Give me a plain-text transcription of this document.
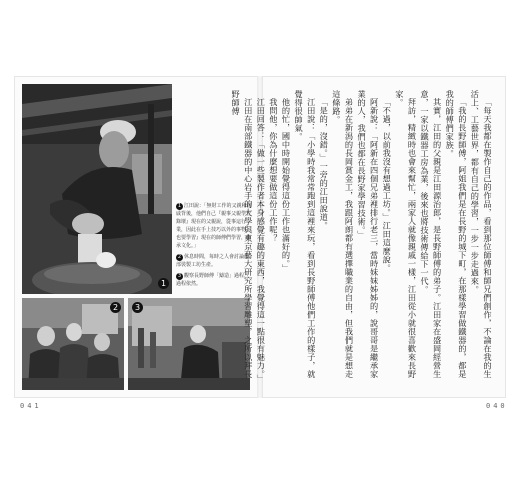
1

1 江田說：「無財工作的父親和親戚背後，他們自己『親事父親學習錄壞』現在的父親說，從事這行業，因此在手上技巧以外的事物，也要學習』現在的師傅們學習，繼承文化。」

2 休息時間，每時之人會討論南部裝製工坊生產。

3 觀察長野師傅「鑄造」過程，過程依然。

2	3	「每天我都在製作自己的作品，看到那位師傅和師兄們創作，不論在我的生活上、工藝世界，都有自己的學習，一步一步走過來。

「我的長野師傅，阿姐我們是在長野的城下町，在那樣學習做鐵器的，都是我的師傅們家族。

其實，江田的父親是江田源治郎，是長野師傅的弟子。江田家在盛岡經營生意，一家以鐵器工房為業，後來也將技術傳給下一代。

拜訪，精緻時也會來幫忙，兩家人就像親戚一樣，江田從小就很喜歡來長野家。

「不過，以前我沒有想過工坊。」江田這麼說。

阿新說：「阿新在四個兄弟裡排行老三，當時妹妹姊姊的，說哥哥是繼承家業的人，我們也都在長野家學習技術。」

弟弟在新潟的長岡賞金工，我跟阿朗都有選擇職業的自由，但我們就是想走這條路。

「是的，沒錯。」一旁的江田說道。

江田說：「小學時我常常跑到這裡來玩，看到長野師傅他們工作的樣子，就覺得很帥氣。

他的忙，國中時開始覺得這份工作也滿好的。」

我問他，你為什麼想要做這份工作呢？

江田回答：「做一些製作者本身感覺有趣的東西，我覺得這一點很有魅力。」

江田在南部鐵器的中心岩手的大學與東京藝大研究所學習雕塑，之所以拜長野師傅

041	040
